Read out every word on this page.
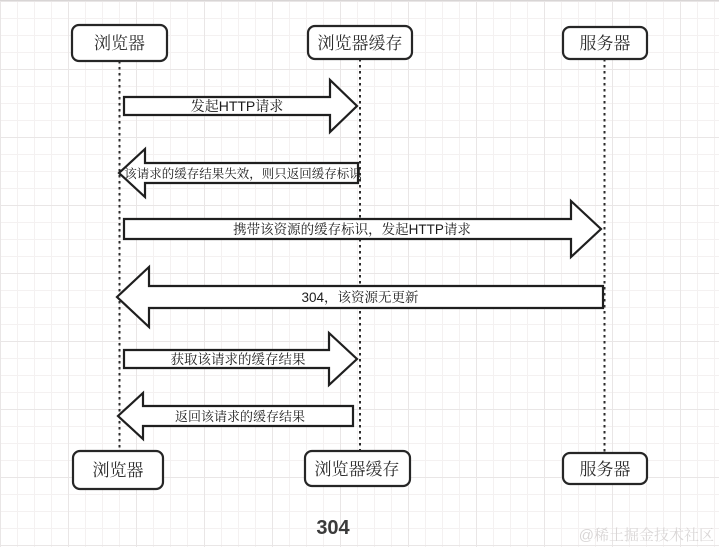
发起HTTP请求
该请求的缓存结果失效，则只返回缓存标识
携带该资源的缓存标识，发起HTTP请求
304，该资源无更新
获取该请求的缓存结果
返回该请求的缓存结果
浏览器	浏览器缓存	服务器
浏览器	浏览器缓存	服务器
304	@稀土掘金技术社区
